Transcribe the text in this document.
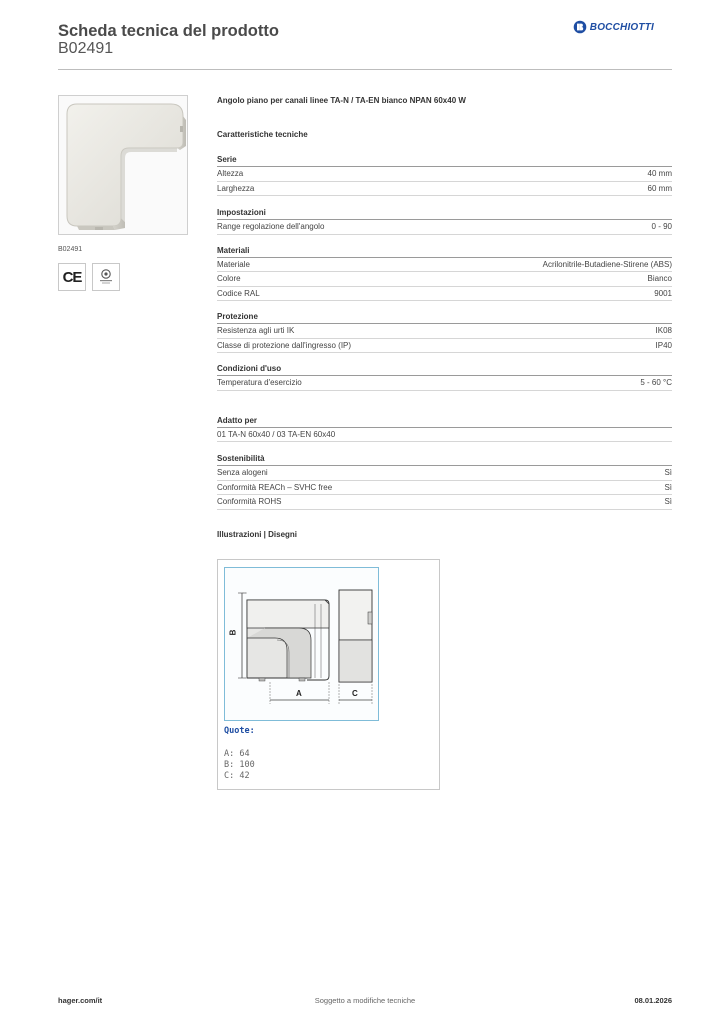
Scheda tecnica del prodotto
B02491
BOCCHIOTTI
B02491
CE
Angolo piano per canali linee TA-N / TA-EN bianco NPAN 60x40 W
Caratteristiche tecniche
Serie
Altezza	40 mm
Larghezza	60 mm
Impostazioni
Range regolazione dell'angolo	0 - 90
Materiali
Materiale	Acrilonitrile-Butadiene-Stirene (ABS)
Colore	Bianco
Codice RAL	9001
Protezione
Resistenza agli urti IK	IK08
Classe di protezione dall'ingresso (IP)	IP40
Condizioni d'uso
Temperatura d'esercizio	5 - 60 °C
Adatto per
01 TA-N 60x40 / 03 TA-EN 60x40
Sostenibilità
Senza alogeni	Sì
Conformità REACh – SVHC free	Sì
Conformità ROHS	Sì
Illustrazioni | Disegni
B
A	C
Quote:
A: 64
B: 100
C: 42
hager.com/it	Soggetto a modifiche tecniche	08.01.2026
